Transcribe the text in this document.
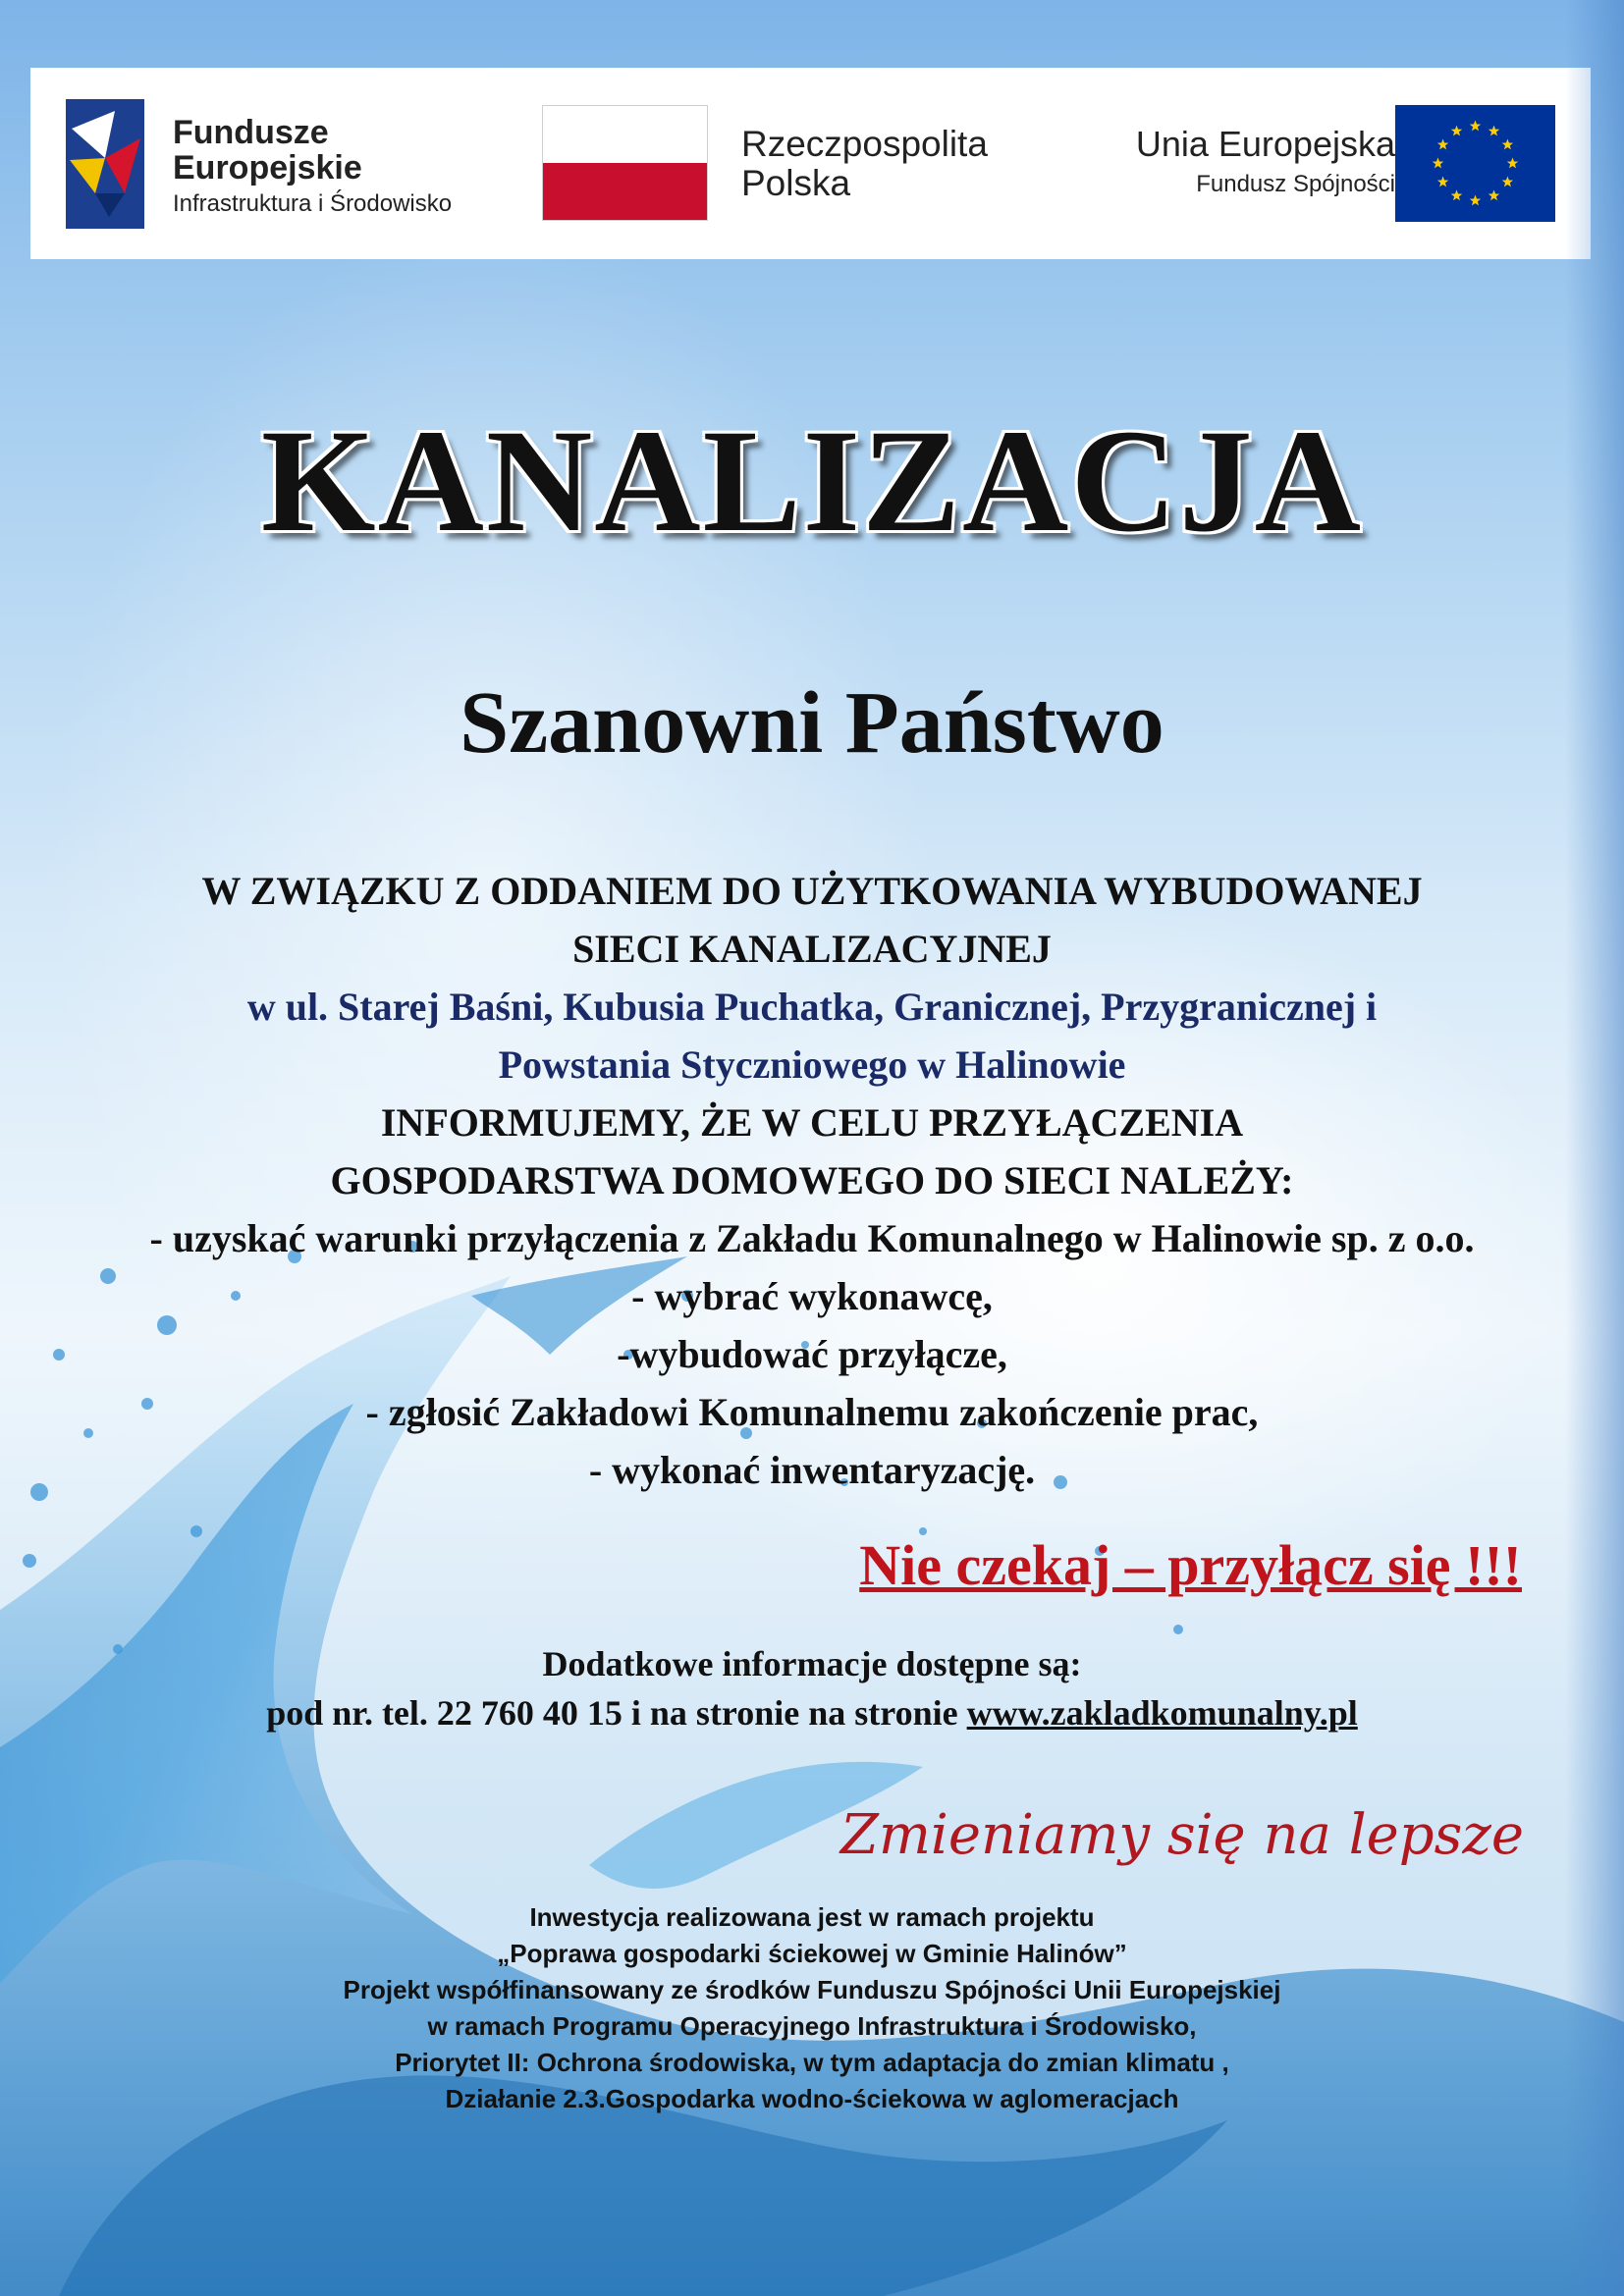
Fundusze
Europejskie
Infrastruktura i Środowisko
Rzeczpospolita
Polska
Unia Europejska
Fundusz Spójności
KANALIZACJA
Szanowni Państwo
W ZWIĄZKU Z ODDANIEM DO UŻYTKOWANIA WYBUDOWANEJ
SIECI KANALIZACYJNEJ
w ul. Starej Baśni, Kubusia Puchatka, Granicznej, Przygranicznej i
Powstania Styczniowego w Halinowie
INFORMUJEMY, ŻE W CELU PRZYŁĄCZENIA
GOSPODARSTWA DOMOWEGO DO SIECI NALEŻY:
- uzyskać warunki przyłączenia z Zakładu Komunalnego w Halinowie sp. z o.o.
- wybrać wykonawcę,
-wybudować przyłącze,
- zgłosić Zakładowi Komunalnemu zakończenie prac,
- wykonać inwentaryzację.
Nie czekaj – przyłącz się !!!
Dodatkowe informacje dostępne są:
pod nr. tel. 22 760 40 15 i na stronie na stronie www.zakladkomunalny.pl
Zmieniamy się na lepsze
Inwestycja realizowana jest w ramach projektu
„Poprawa gospodarki ściekowej w Gminie Halinów”
Projekt współfinansowany ze środków Funduszu Spójności Unii Europejskiej
w ramach Programu Operacyjnego Infrastruktura i Środowisko,
Priorytet II: Ochrona środowiska, w tym adaptacja do zmian klimatu ,
Działanie 2.3.Gospodarka wodno-ściekowa w aglomeracjach
